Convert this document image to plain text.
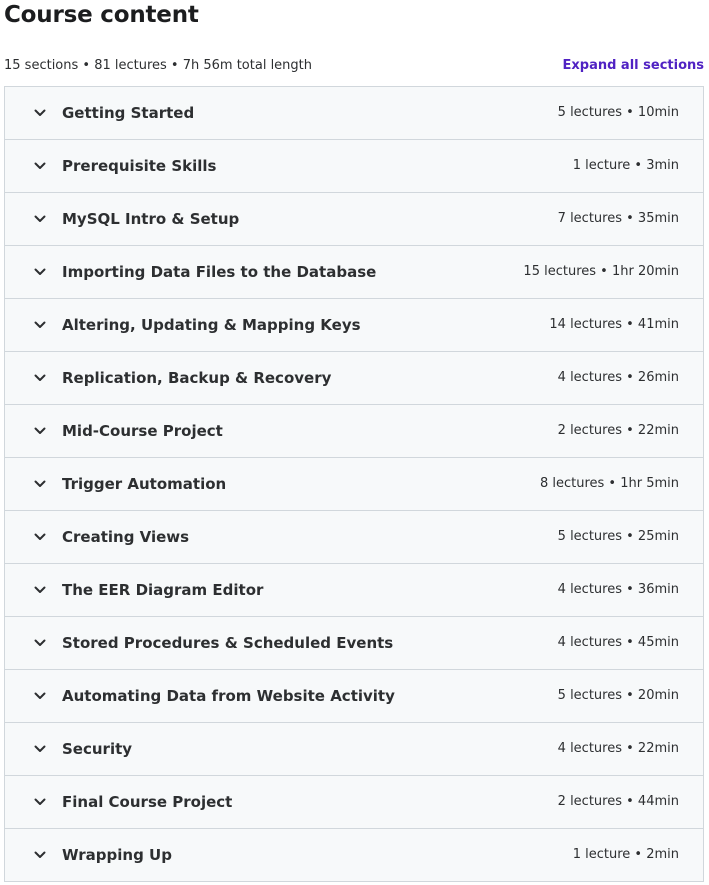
Course content
15 sections • 81 lectures • 7h 56m total length	Expand all sections
Getting Started	5 lectures • 10min
Prerequisite Skills	1 lecture • 3min
MySQL Intro & Setup	7 lectures • 35min
Importing Data Files to the Database	15 lectures • 1hr 20min
Altering, Updating & Mapping Keys	14 lectures • 41min
Replication, Backup & Recovery	4 lectures • 26min
Mid-Course Project	2 lectures • 22min
Trigger Automation	8 lectures • 1hr 5min
Creating Views	5 lectures • 25min
The EER Diagram Editor	4 lectures • 36min
Stored Procedures & Scheduled Events	4 lectures • 45min
Automating Data from Website Activity	5 lectures • 20min
Security	4 lectures • 22min
Final Course Project	2 lectures • 44min
Wrapping Up	1 lecture • 2min
